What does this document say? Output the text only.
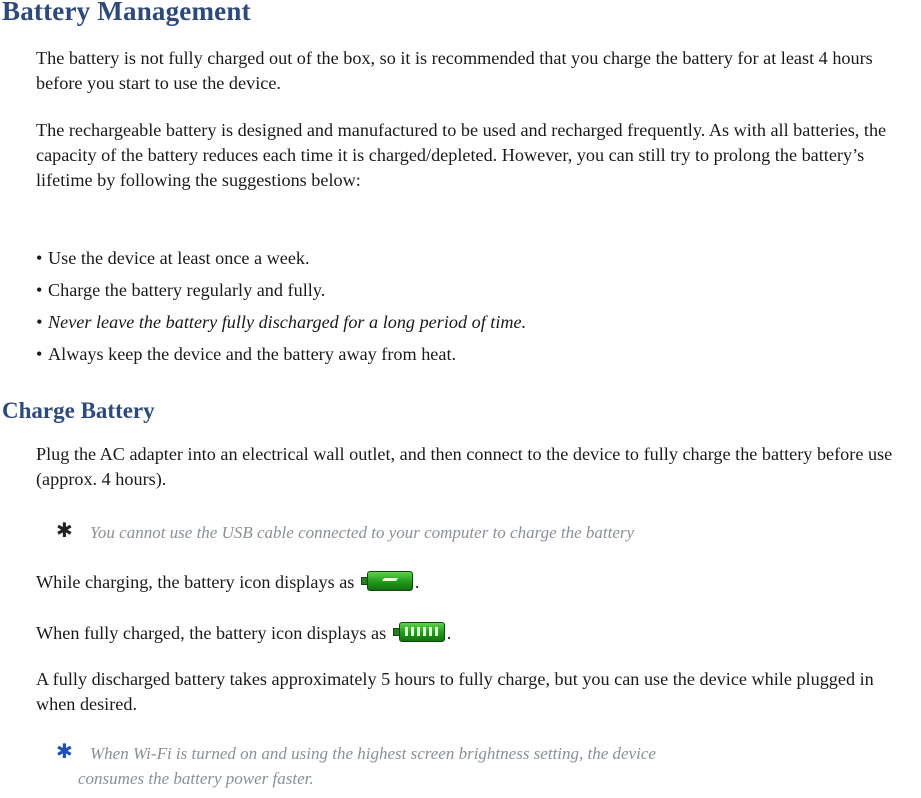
Battery Management

The battery is not fully charged out of the box, so it is recommended that you charge the battery for at least 4 hours before you start to use the device.

The rechargeable battery is designed and manufactured to be used and recharged frequently. As with all batteries, the capacity of the battery reduces each time it is charged/depleted. However, you can still try to prolong the battery’s lifetime by following the suggestions below:

• Use the device at least once a week.
• Charge the battery regularly and fully.
• Never leave the battery fully discharged for a long period of time.
• Always keep the device and the battery away from heat.
Charge Battery

Plug the AC adapter into an electrical wall outlet, and then connect to the device to fully charge the battery before use (approx. 4 hours).

✱ You cannot use the USB cable connected to your computer to charge the battery

While charging, the battery icon displays as	.

When fully charged, the battery icon displays as	.

A fully discharged battery takes approximately 5 hours to fully charge, but you can use the device while plugged in when desired.

✱ When Wi-Fi is turned on and using the highest screen brightness setting, the device
consumes the battery power faster.
